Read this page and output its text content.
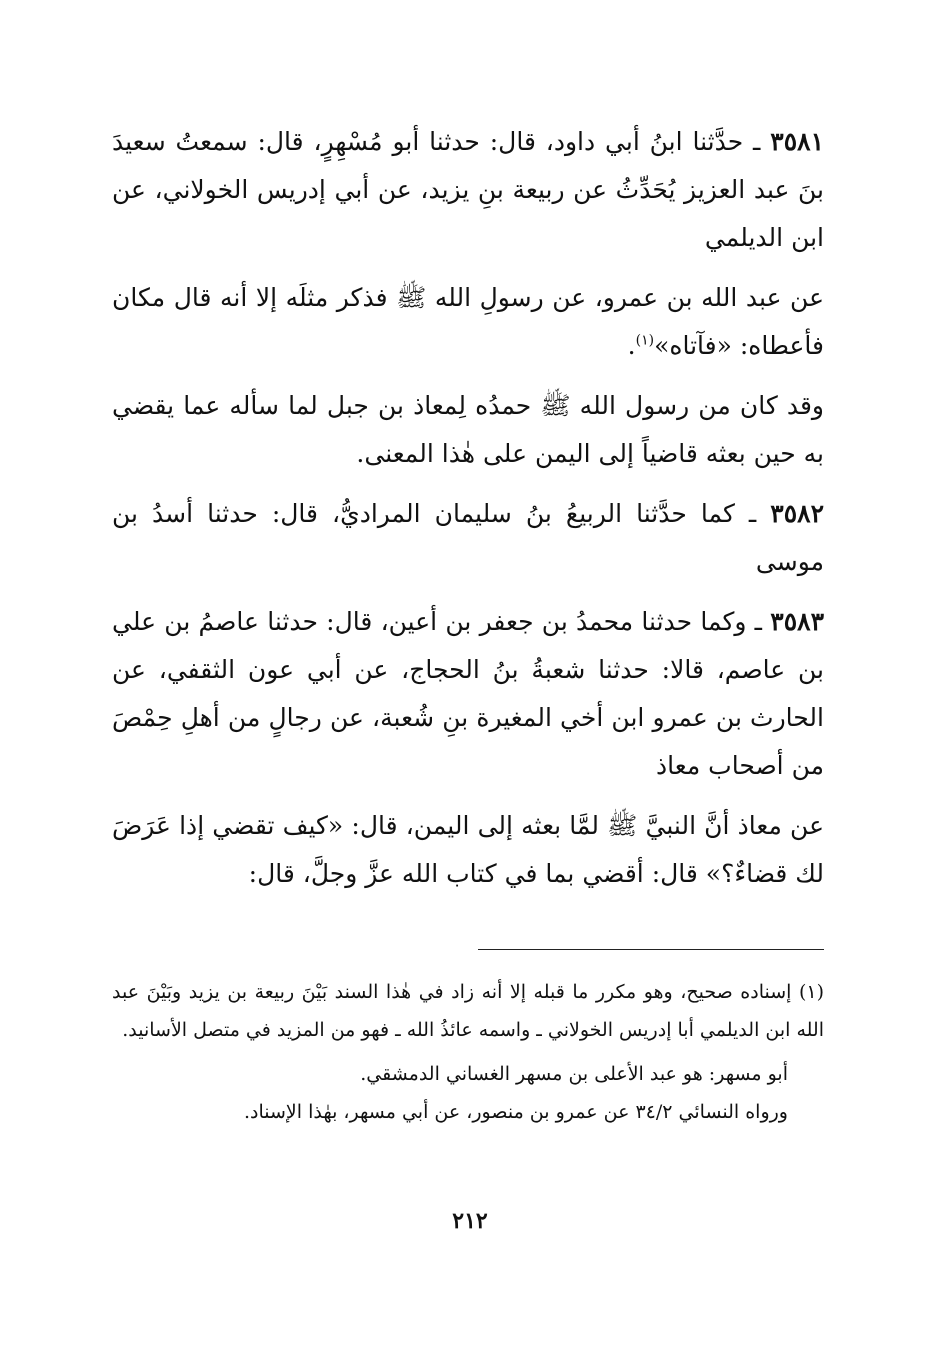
٣٥٨١ ـ حدَّثنا ابنُ أبي داود، قال: حدثنا أبو مُسْهِرٍ، قال: سمعتُ سعيدَ بنَ عبد العزيز يُحَدِّثُ عن ربيعة بنِ يزيد، عن أبي إدريس الخولاني، عن ابن الديلمي

عن عبد الله بن عمرو، عن رسولِ الله ﷺ فذكر مثلَه إلا أنه قال مكان فأعطاه: «فآتاه»$^{(١)}$.

وقد كان من رسول الله ﷺ حمدُه لِمعاذ بن جبل لما سأله عما يقضي به حين بعثه قاضياً إلى اليمن على هٰذا المعنى.

٣٥٨٢ ـ كما حدَّثنا الربيعُ بنُ سليمان المراديُّ، قال: حدثنا أسدُ بن موسى

٣٥٨٣ ـ وكما حدثنا محمدُ بن جعفر بن أعين، قال: حدثنا عاصمُ بن علي بن عاصم، قالا: حدثنا شعبةُ بنُ الحجاج، عن أبي عون الثقفي، عن الحارث بن عمرو ابن أخي المغيرة بنِ شُعبة، عن رجالٍ من أهلِ حِمْصَ من أصحاب معاذ

عن معاذ أنَّ النبيَّ ﷺ لمَّا بعثه إلى اليمن، قال: «كيف تقضي إذا عَرَضَ لك قضاءٌ؟» قال: أقضي بما في كتاب الله عزَّ وجلَّ، قال:

(١) إسناده صحيح، وهو مكرر ما قبله إلا أنه زاد في هٰذا السند بَيْنَ ربيعة بن يزيد وبَيْنَ عبد الله ابن الديلمي أبا إدريس الخولاني ـ واسمه عائذُ الله ـ فهو من المزيد في متصل الأسانيد.

أبو مسهر: هو عبد الأعلى بن مسهر الغساني الدمشقي.

ورواه النسائي ٣٤/٢ عن عمرو بن منصور، عن أبي مسهر، بهٰذا الإسناد.

٢١٢
